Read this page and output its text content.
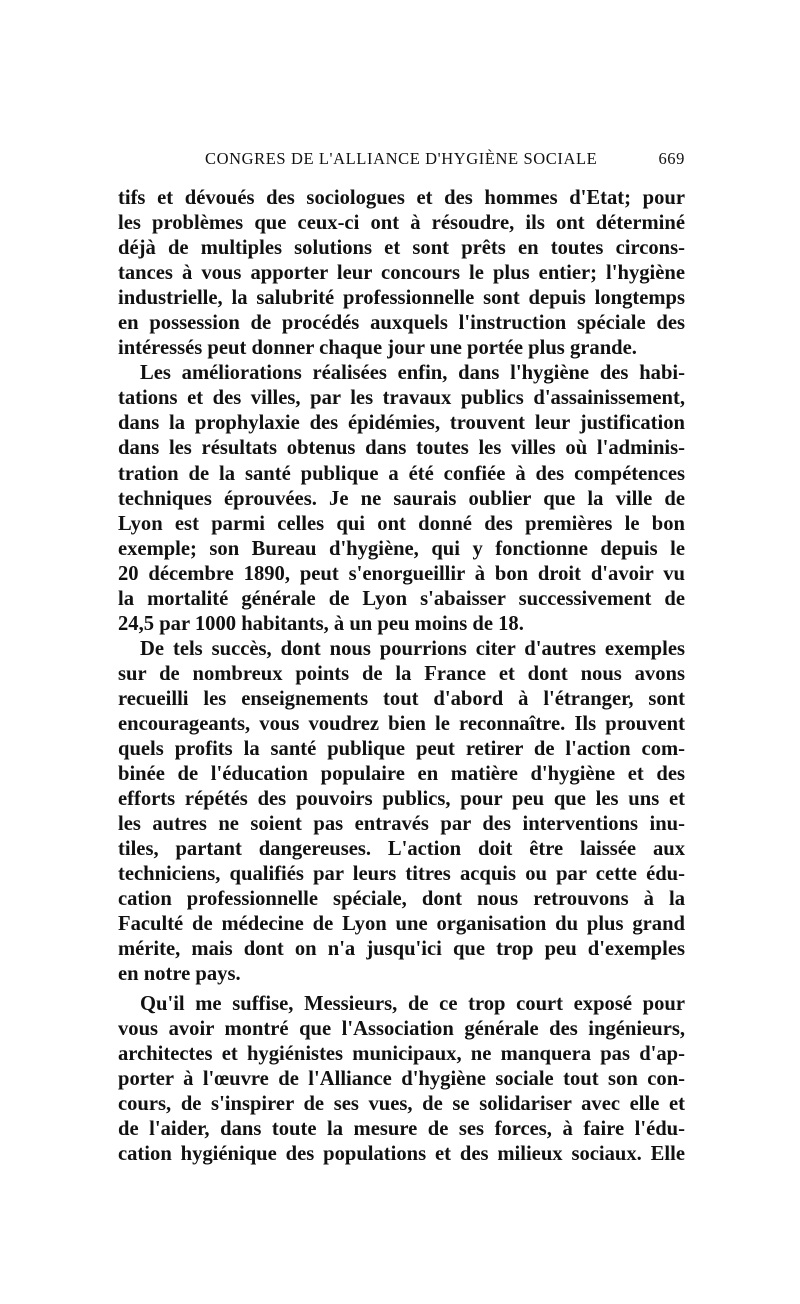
CONGRES DE L'ALLIANCE D'HYGIÈNE SOCIALE	669

tifs et dévoués des sociologues et des hommes d'Etat; pour
les problèmes que ceux-ci ont à résoudre, ils ont déterminé
déjà de multiples solutions et sont prêts en toutes circons-
tances à vous apporter leur concours le plus entier; l'hygiène
industrielle, la salubrité professionnelle sont depuis longtemps
en possession de procédés auxquels l'instruction spéciale des
intéressés peut donner chaque jour une portée plus grande.

Les améliorations réalisées enfin, dans l'hygiène des habi-
tations et des villes, par les travaux publics d'assainissement,
dans la prophylaxie des épidémies, trouvent leur justification
dans les résultats obtenus dans toutes les villes où l'adminis-
tration de la santé publique a été confiée à des compétences
techniques éprouvées. Je ne saurais oublier que la ville de
Lyon est parmi celles qui ont donné des premières le bon
exemple; son Bureau d'hygiène, qui y fonctionne depuis le
20 décembre 1890, peut s'enorgueillir à bon droit d'avoir vu
la mortalité générale de Lyon s'abaisser successivement de
24,5 par 1000 habitants, à un peu moins de 18.

De tels succès, dont nous pourrions citer d'autres exemples
sur de nombreux points de la France et dont nous avons
recueilli les enseignements tout d'abord à l'étranger, sont
encourageants, vous voudrez bien le reconnaître. Ils prouvent
quels profits la santé publique peut retirer de l'action com-
binée de l'éducation populaire en matière d'hygiène et des
efforts répétés des pouvoirs publics, pour peu que les uns et
les autres ne soient pas entravés par des interventions inu-
tiles, partant dangereuses. L'action doit être laissée aux
techniciens, qualifiés par leurs titres acquis ou par cette édu-
cation professionnelle spéciale, dont nous retrouvons à la
Faculté de médecine de Lyon une organisation du plus grand
mérite, mais dont on n'a jusqu'ici que trop peu d'exemples
en notre pays.

Qu'il me suffise, Messieurs, de ce trop court exposé pour
vous avoir montré que l'Association générale des ingénieurs,
architectes et hygiénistes municipaux, ne manquera pas d'ap-
porter à l'œuvre de l'Alliance d'hygiène sociale tout son con-
cours, de s'inspirer de ses vues, de se solidariser avec elle et
de l'aider, dans toute la mesure de ses forces, à faire l'édu-
cation hygiénique des populations et des milieux sociaux. Elle
